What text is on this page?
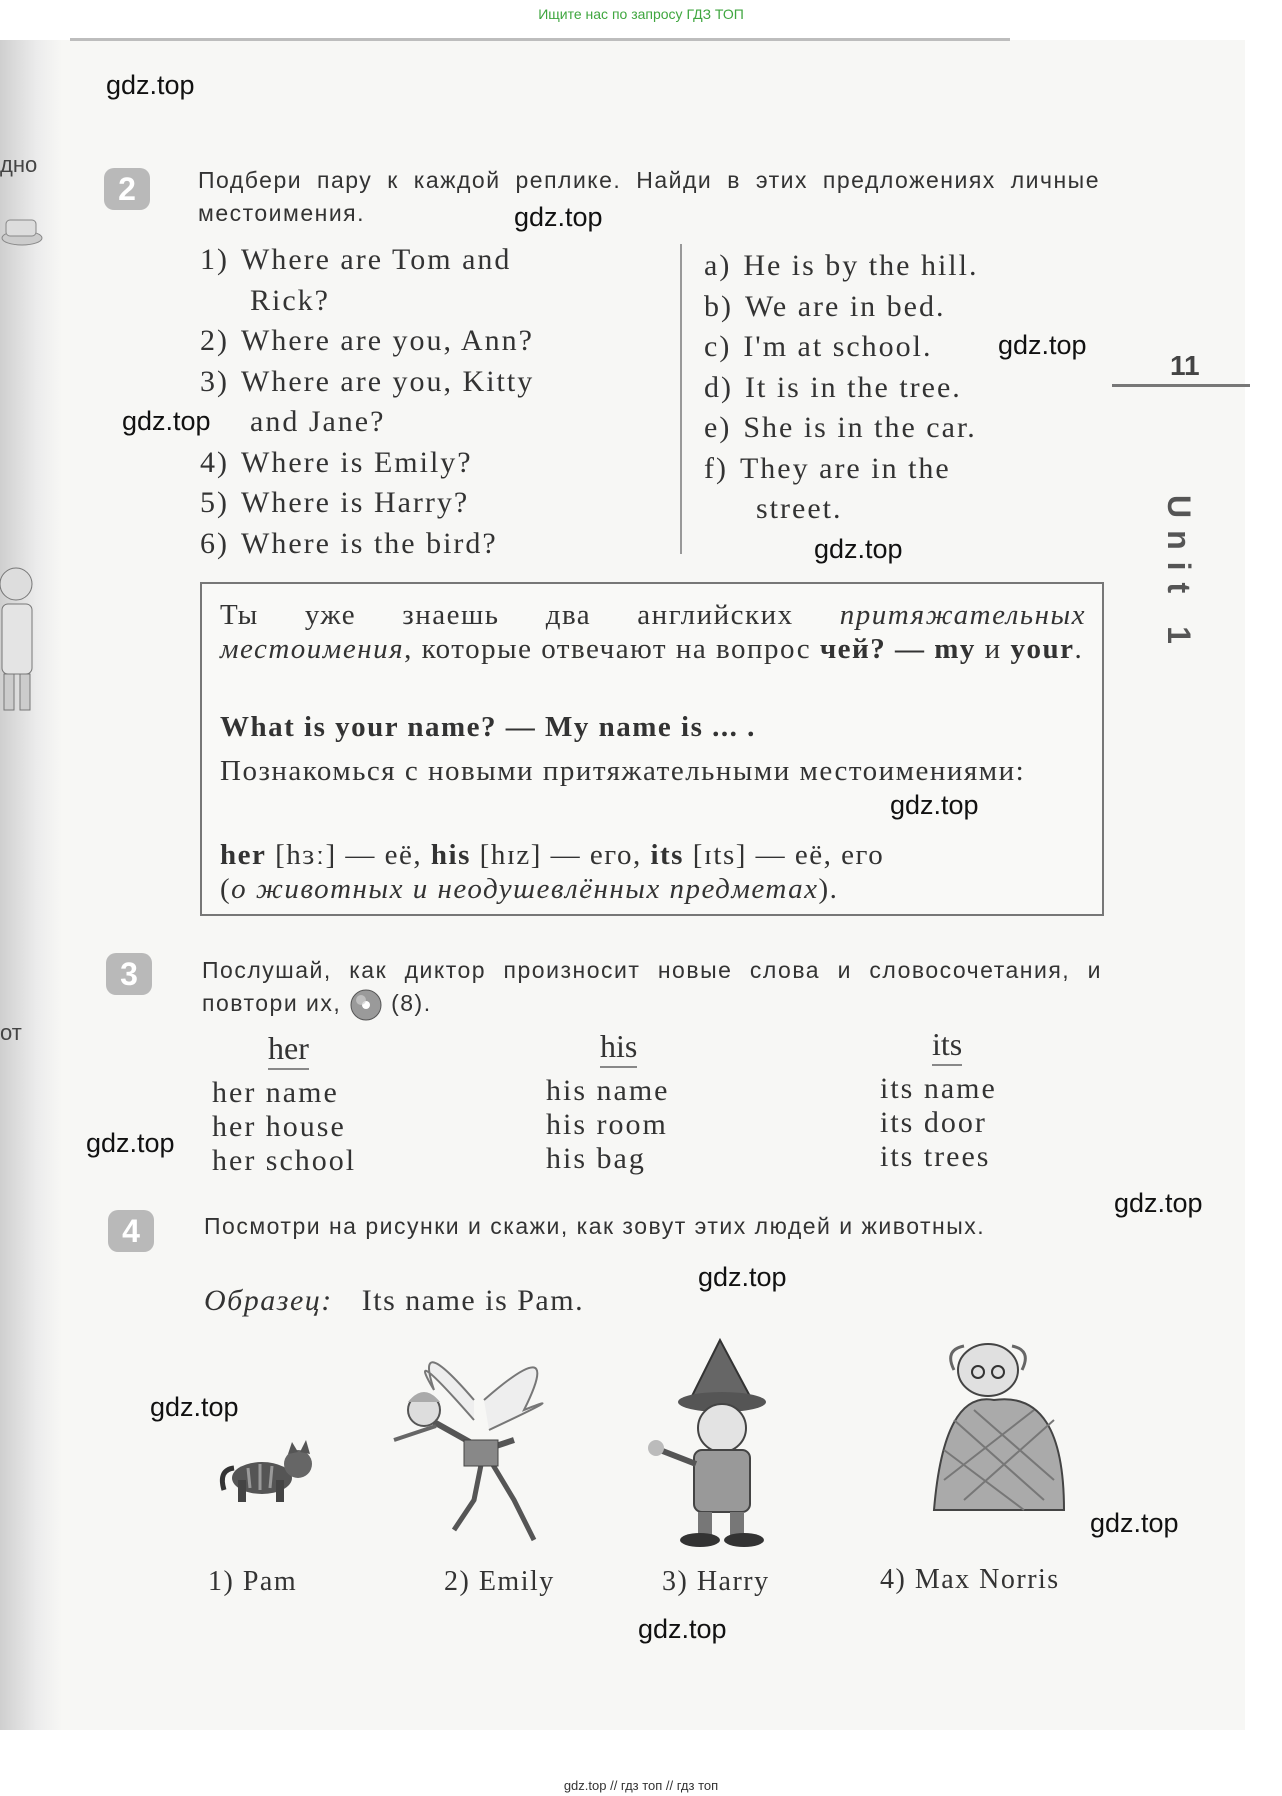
Ищите нас по запросу ГДЗ ТОП
дно
от
11
Unit 1
2	Подбери пару к каждой реплике. Найди в этих предложениях личные местоимения.
1) Where are Tom and
Rick?
2) Where are you, Ann?
3) Where are you, Kitty
and Jane?
4) Where is Emily?
5) Where is Harry?
6) Where is the bird?
a) He is by the hill.
b) We are in bed.
c) I'm at school.
d) It is in the tree.
e) She is in the car.
f) They are in the
street.
Ты уже знаешь два английских притяжательных местоимения, которые отвечают на вопрос чей? — my и your.
What is your name? — My name is ... .
Познакомься с новыми притяжательными местоимениями:
her [hɜː] — её, his [hɪz] — его, its [ɪts] — её, его
(о животных и неодушевлённых предметах).
3	Послушай, как диктор произносит новые слова и словосочетания, и повтори их, (8).
her
her name
her house
her school
his
his name
his room
his bag
its
its name
its door
its trees
4	Посмотри на рисунки и скажи, как зовут этих людей и животных.
Образец: Its name is Pam.
1) Pam	2) Emily	3) Harry	4) Max Norris
gdz.top
gdz.top
gdz.top
gdz.top
gdz.top
gdz.top
gdz.top
gdz.top
gdz.top
gdz.top
gdz.top
gdz.top
gdz.top // гдз топ // гдз топ
